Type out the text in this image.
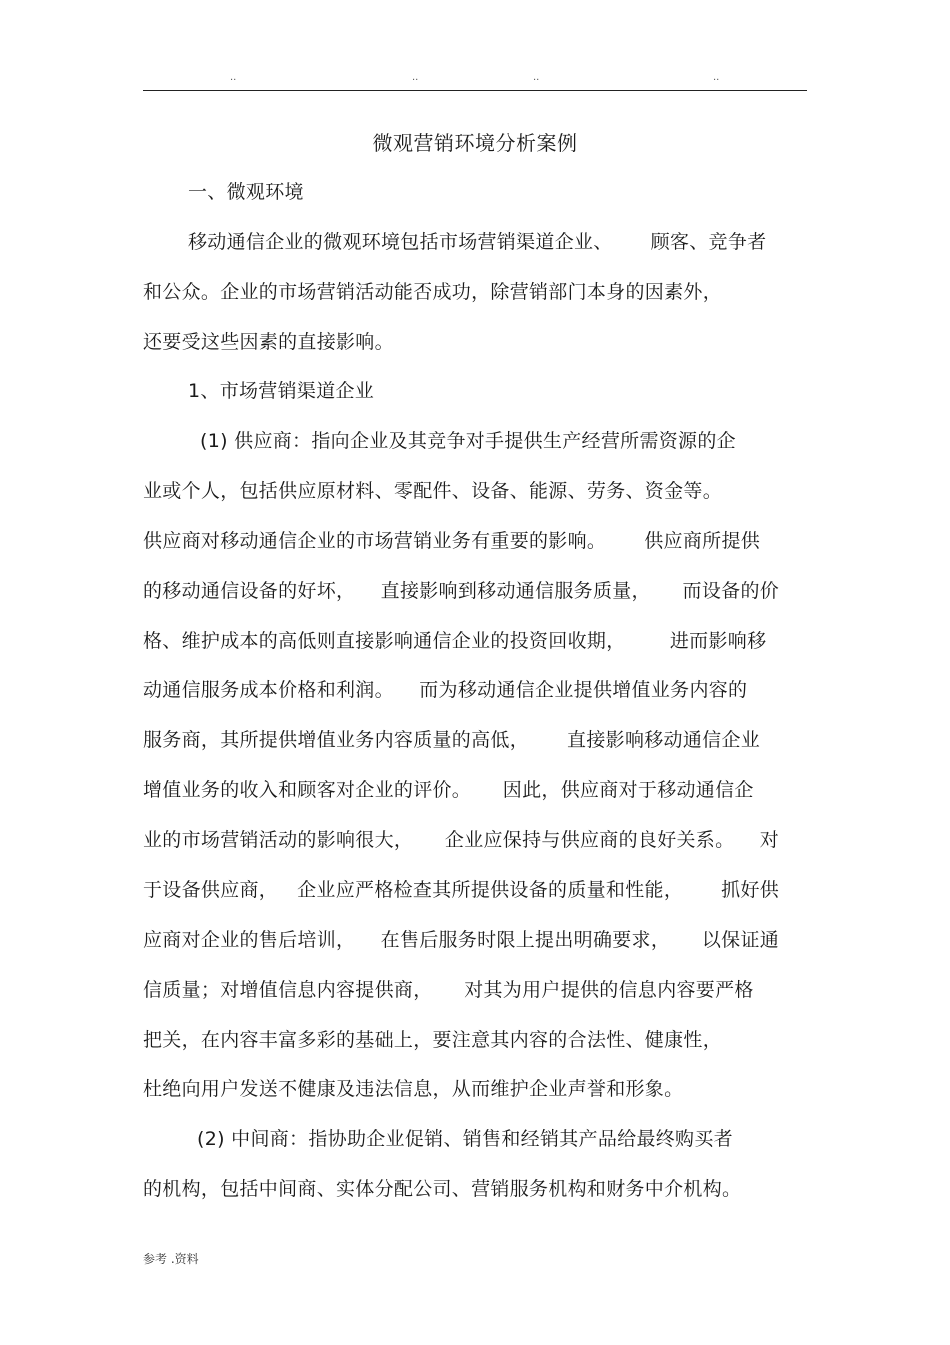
..	..	..	..
微观营销环境分析案例
一、微观环境
移动通信企业的微观环境包括市场营销渠道企业、      顾客、竞争者
和公众。企业的市场营销活动能否成功，除营销部门本身的因素外，
还要受这些因素的直接影响。
1、市场营销渠道企业
(1) 供应商：指向企业及其竞争对手提供生产经营所需资源的企
业或个人，包括供应原材料、零配件、设备、能源、劳务、资金等。
供应商对移动通信企业的市场营销业务有重要的影响。      供应商所提供
的移动通信设备的好坏，    直接影响到移动通信服务质量，     而设备的价
格、维护成本的高低则直接影响通信企业的投资回收期，       进而影响移
动通信服务成本价格和利润。    而为移动通信企业提供增值业务内容的
服务商，其所提供增值业务内容质量的高低，      直接影响移动通信企业
增值业务的收入和顾客对企业的评价。     因此，供应商对于移动通信企
业的市场营销活动的影响很大，     企业应保持与供应商的良好关系。    对
于设备供应商，   企业应严格检查其所提供设备的质量和性能，      抓好供
应商对企业的售后培训，    在售后服务时限上提出明确要求，     以保证通
信质量；对增值信息内容提供商，     对其为用户提供的信息内容要严格
把关，在内容丰富多彩的基础上，要注意其内容的合法性、健康性，
杜绝向用户发送不健康及违法信息，从而维护企业声誉和形象。
(2) 中间商：指协助企业促销、销售和经销其产品给最终购买者
的机构，包括中间商、实体分配公司、营销服务机构和财务中介机构。
参考 .资料
